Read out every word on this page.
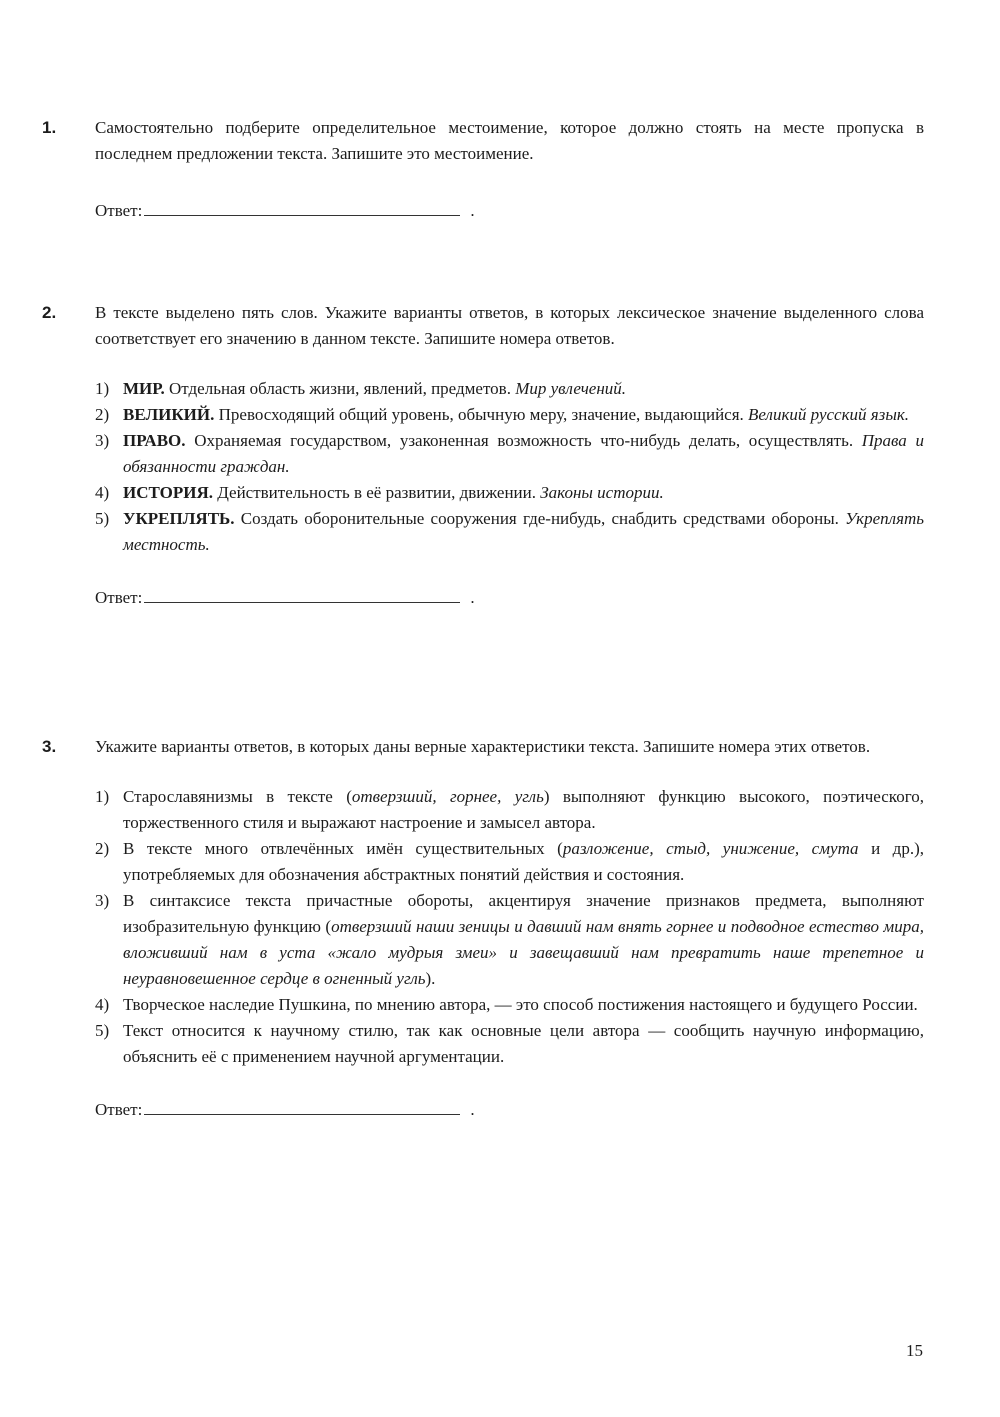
1. Самостоятельно подберите определительное местоимение, которое должно стоять на месте пропуска в последнем предложении текста. Запишите это местоимение.

Ответ:	.
2. В тексте выделено пять слов. Укажите варианты ответов, в которых лексическое значение выделенного слова соответствует его значению в данном тексте. Запишите номера ответов.

1) МИР. Отдельная область жизни, явлений, предметов. Мир увлечений.
2) ВЕЛИКИЙ. Превосходящий общий уровень, обычную меру, значение, выдающийся. Великий русский язык.
3) ПРАВО. Охраняемая государством, узаконенная возможность что-нибудь делать, осуществлять. Права и обязанности граждан.
4) ИСТОРИЯ. Действительность в её развитии, движении. Законы истории.
5) УКРЕПЛЯТЬ. Создать оборонительные сооружения где-нибудь, снабдить средствами обороны. Укреплять местность.
Ответ:	.
3. Укажите варианты ответов, в которых даны верные характеристики текста. Запишите номера этих ответов.

1) Старославянизмы в тексте (отверзший, горнее, угль) выполняют функцию высокого, поэтического, торжественного стиля и выражают настроение и замысел автора.
2) В тексте много отвлечённых имён существительных (разложение, стыд, унижение, смута и др.), употребляемых для обозначения абстрактных понятий действия и состояния.
3) В синтаксисе текста причастные обороты, акцентируя значение признаков предмета, выполняют изобразительную функцию (отверзший наши зеницы и давший нам внять горнее и подводное естество мира, вложивший нам в уста «жало мудрыя змеи» и завещавший нам превратить наше трепетное и неуравновешенное сердце в огненный угль).
4) Творческое наследие Пушкина, по мнению автора, — это способ постижения настоящего и будущего России.
5) Текст относится к научному стилю, так как основные цели автора — сообщить научную информацию, объяснить её с применением научной аргументации.
Ответ:	.
15
